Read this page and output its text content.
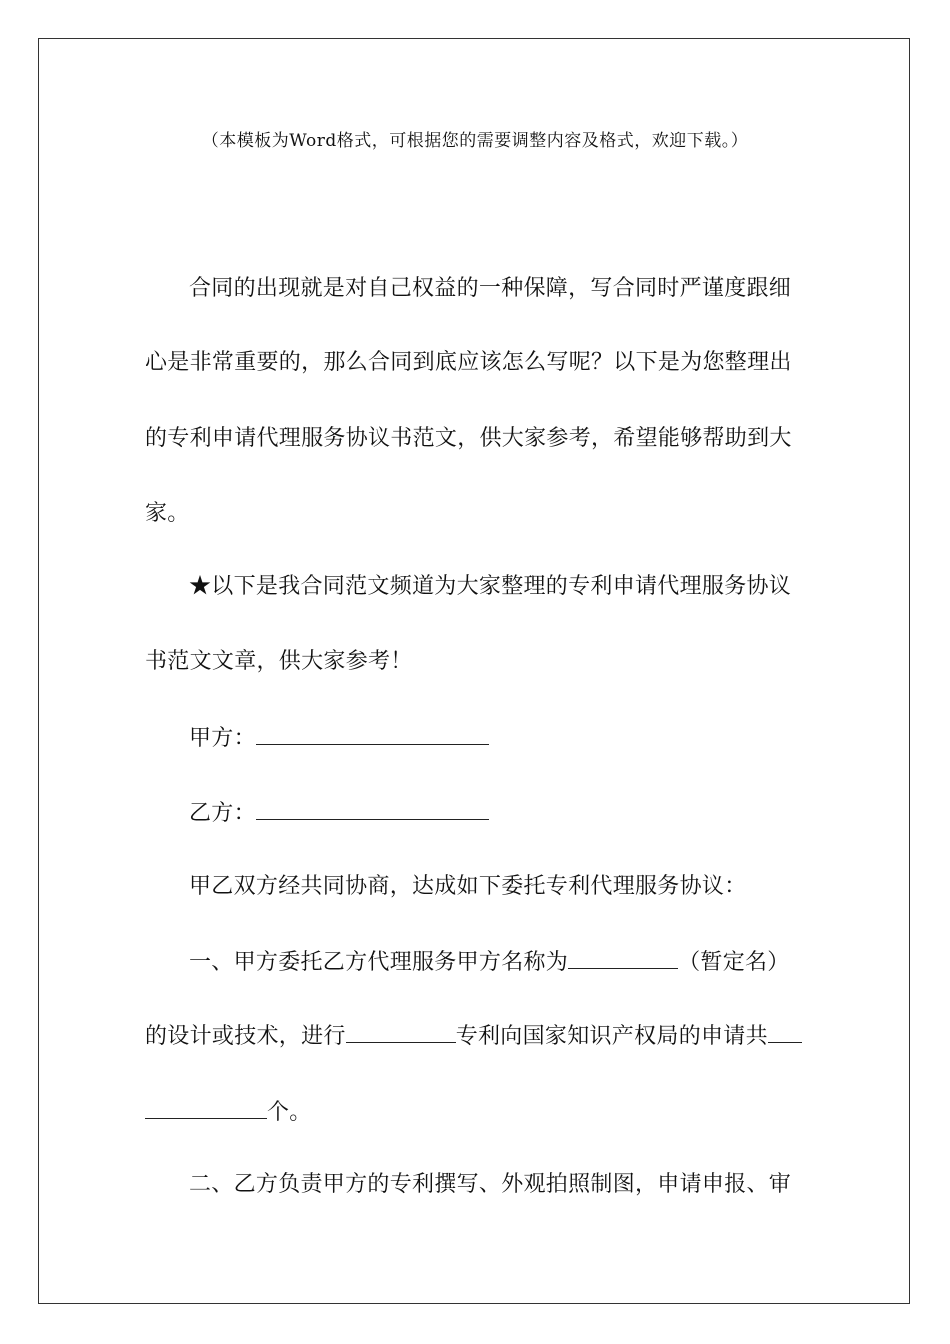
（本模板为Word格式，可根据您的需要调整内容及格式，欢迎下载。）
合同的出现就是对自己权益的一种保障，写合同时严谨度跟细
心是非常重要的，那么合同到底应该怎么写呢？以下是为您整理出
的专利申请代理服务协议书范文，供大家参考，希望能够帮助到大
家。
★以下是我合同范文频道为大家整理的专利申请代理服务协议
书范文文章，供大家参考！
甲方：
乙方：
甲乙双方经共同协商，达成如下委托专利代理服务协议：
一、甲方委托乙方代理服务甲方名称为	（暂定名）
的设计或技术，进行	专利向国家知识产权局的申请共
个。
二、乙方负责甲方的专利撰写、外观拍照制图，申请申报、审
